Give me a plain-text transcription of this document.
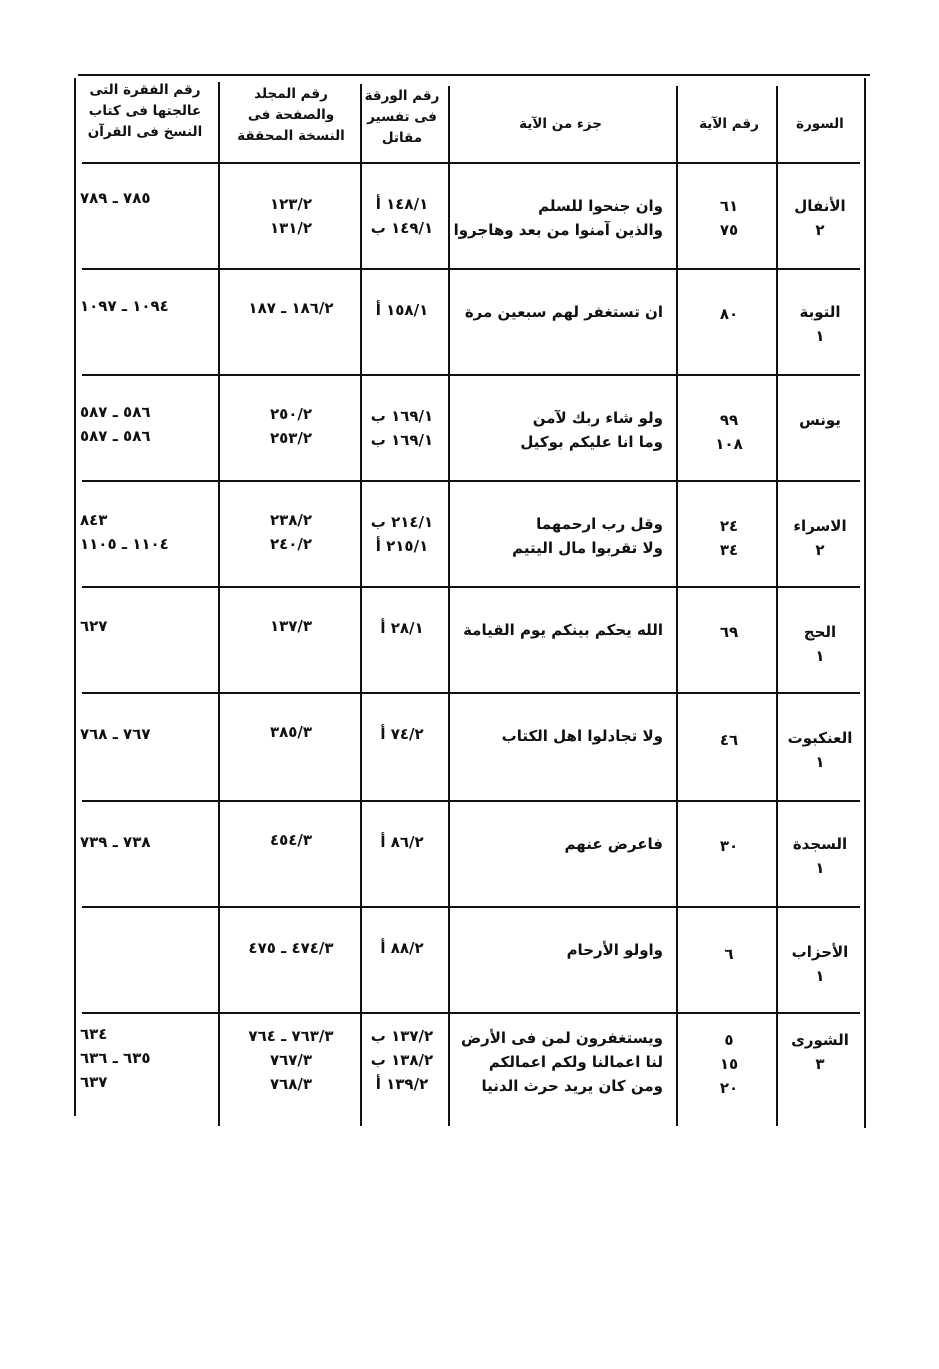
السورة
رقم الآية
جزء من الآية
رقم الورقة
فى تفسير
مقاتل
رقم المجلد
والصفحة فى
النسخة المحققة
رقم الفقرة التى
عالجتها فى كتاب
النسخ فى القرآن
الأنفال
٢
٦١
٧٥
وان جنحوا للسلم
والذين آمنوا من بعد وهاجروا
١٤٨/١ أ
١٤٩/١ ب
١٢٣/٢
١٣١/٢
٧٨٥ ـ ٧٨٩
التوبة
١
٨٠
ان تستغفر لهم سبعين مرة
١٥٨/١ أ
١٨٦/٢ ـ ١٨٧
١٠٩٤ ـ ١٠٩٧
يونس
٩٩
١٠٨
ولو شاء ربك لآمن
وما انا عليكم بوكيل
١٦٩/١ ب
١٦٩/١ ب
٢٥٠/٢
٢٥٣/٢
٥٨٦ ـ ٥٨٧
٥٨٦ ـ ٥٨٧
الاسراء
٢
٢٤
٣٤
وقل رب ارحمهما
ولا تقربوا مال اليتيم
٢١٤/١ ب
٢١٥/١ أ
٢٣٨/٢
٢٤٠/٢
٨٤٣
١١٠٤ ـ ١١٠٥
الحج
١
٦٩
الله يحكم بينكم يوم القيامة
٢٨/١ أ
١٣٧/٣
٦٢٧
العنكبوت
١
٤٦
ولا تجادلوا اهل الكتاب
٧٤/٢ أ
٣٨٥/٣
٧٦٧ ـ ٧٦٨
السجدة
١
٣٠
فاعرض عنهم
٨٦/٢ أ
٤٥٤/٣
٧٣٨ ـ ٧٣٩
الأحزاب
١
٦
واولو الأرحام
٨٨/٢ أ
٤٧٤/٣ ـ ٤٧٥
الشورى
٣
٥
١٥
٢٠
ويستغفرون لمن فى الأرض
لنا اعمالنا ولكم اعمالكم
ومن كان يريد حرث الدنيا
١٣٧/٢ ب
١٣٨/٢ ب
١٣٩/٢ أ
٧٦٣/٣ ـ ٧٦٤
٧٦٧/٣
٧٦٨/٣
٦٣٤
٦٣٥ ـ ٦٣٦
٦٣٧
